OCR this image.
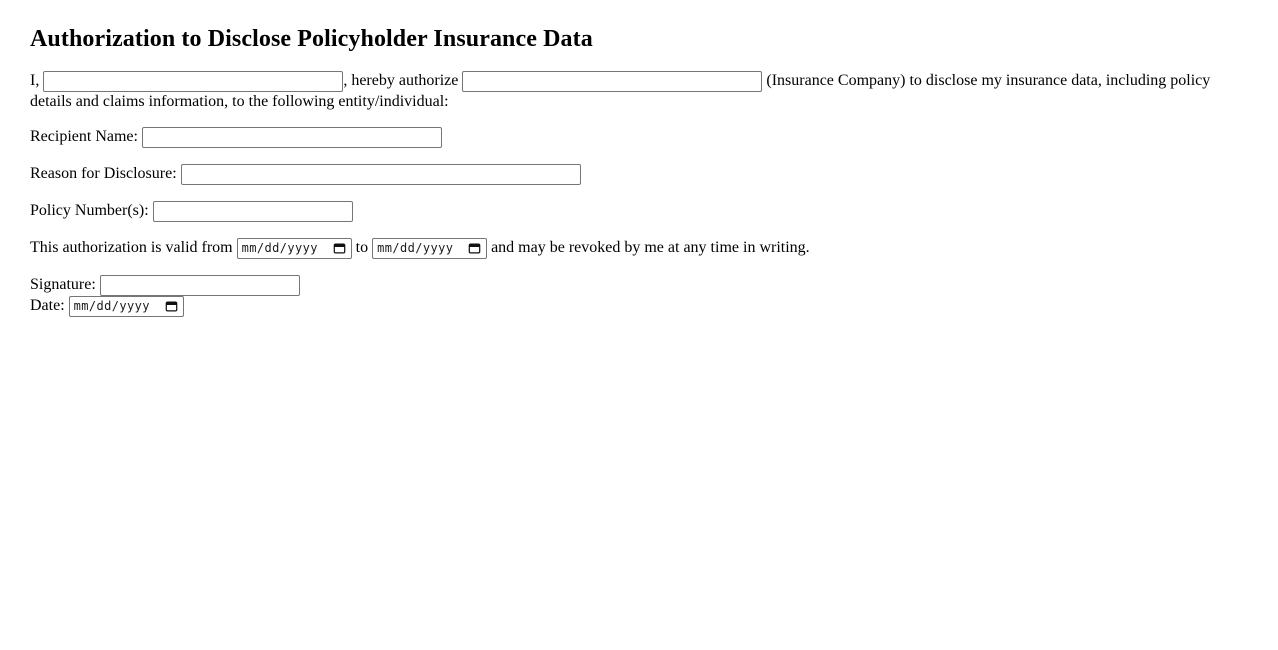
Authorization to Disclose Policyholder Insurance Data

I,	, hereby authorize	(Insurance Company) to disclose my insurance data, including policy details and claims information, to the following entity/individual:

Recipient Name:

Reason for Disclosure:

Policy Number(s):

This authorization is valid from mm/dd/yyyy to mm/dd/yyyy and may be revoked by me at any time in writing.

Signature:
Date: mm/dd/yyyy
